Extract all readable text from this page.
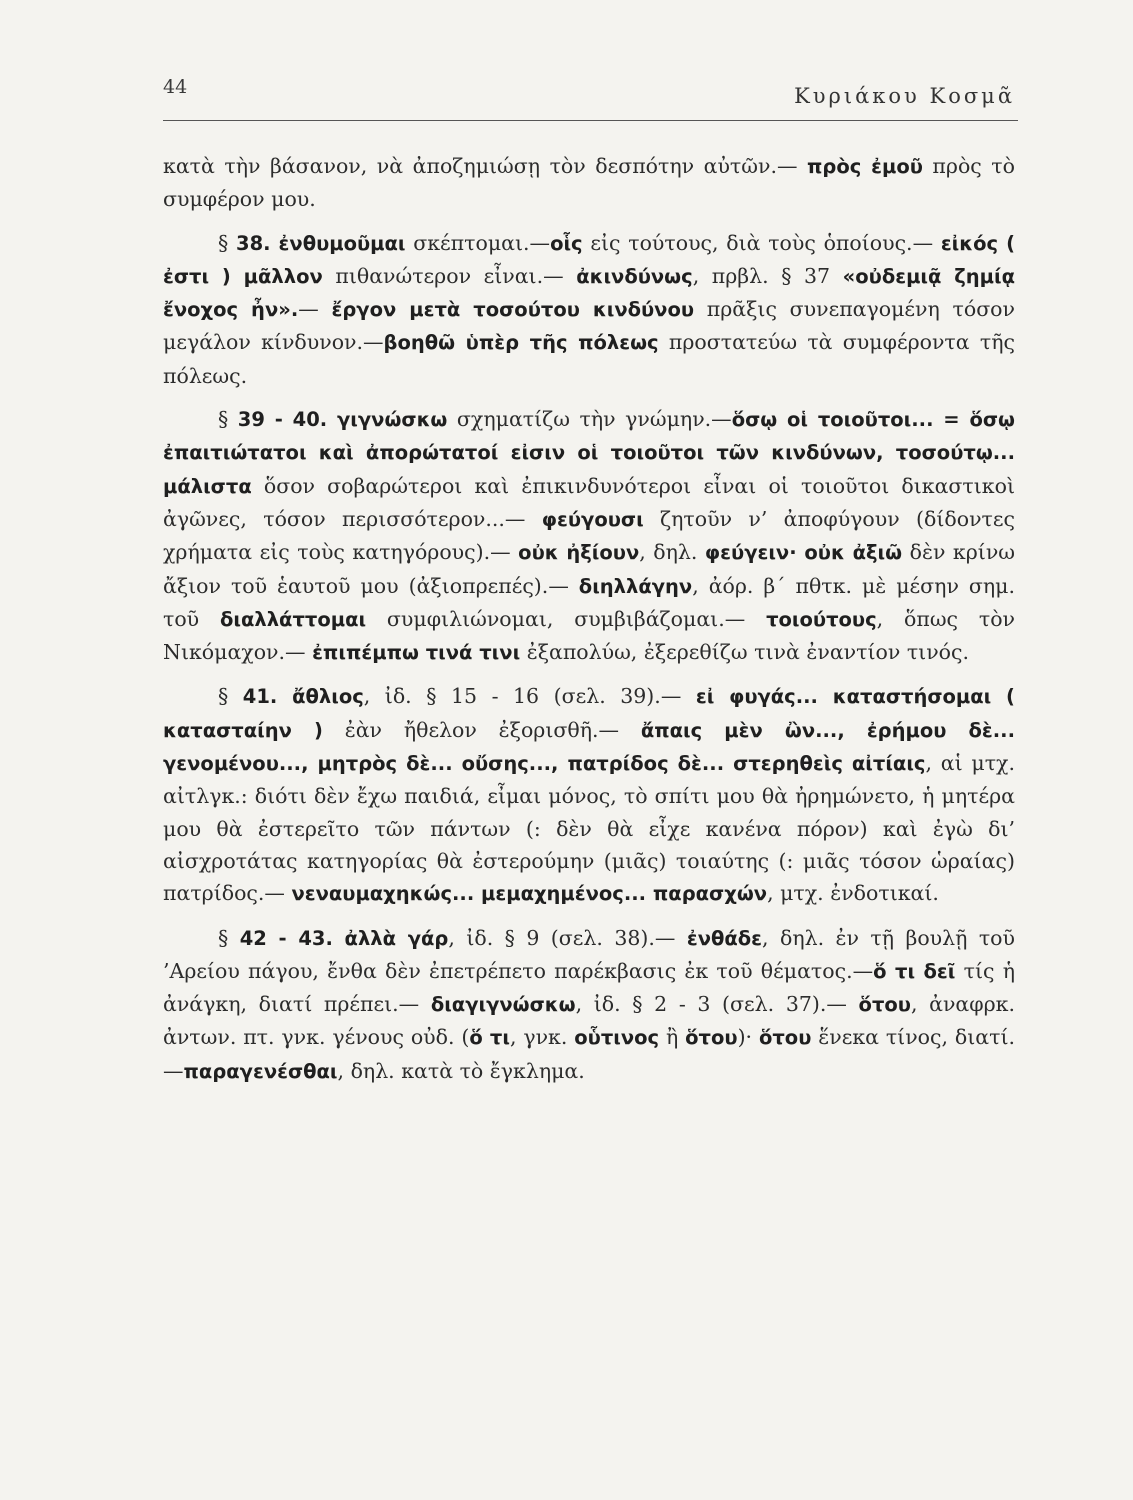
44	Κυριάκου Κοσμᾶ

κατὰ τὴν βάσανον, νὰ ἀποζημιώσῃ τὸν δεσπότην αὐτῶν.— πρὸς ἐμοῦ πρὸς τὸ συμφέρον μου.

§ 38. ἐνθυμοῦμαι σκέπτομαι.—οἷς εἰς τούτους, διὰ τοὺς ὁποίους.— εἰκός ( ἐστι ) μᾶλλον πιθανώτερον εἶναι.— ἀκινδύνως, πρβλ. § 37 «οὐδεμιᾷ ζημίᾳ ἔνοχος ἦν».— ἔργον μετὰ τοσούτου κινδύνου πρᾶξις συνεπαγομένη τόσον μεγάλον κίνδυνον.—βοηθῶ ὑπὲρ τῆς πόλεως προστατεύω τὰ συμφέροντα τῆς πόλεως.

§ 39 - 40. γιγνώσκω σχηματίζω τὴν γνώμην.—ὅσῳ οἱ τοιοῦτοι... = ὅσῳ ἐπαιτιώτατοι καὶ ἀπορώτατοί εἰσιν οἱ τοιοῦτοι τῶν κινδύνων, τοσούτῳ... μάλιστα ὅσον σοβαρώτεροι καὶ ἐπικινδυνότεροι εἶναι οἱ τοιοῦτοι δικαστικοὶ ἀγῶνες, τόσον περισσότερον...— φεύγουσι ζητοῦν ν’ ἀποφύγουν (δίδοντες χρήματα εἰς τοὺς κατηγόρους).— οὐκ ἠξίουν, δηλ. φεύγειν· οὐκ ἀξιῶ δὲν κρίνω ἄξιον τοῦ ἑαυτοῦ μου (ἀξιοπρεπές).— διηλλάγην, ἀόρ. β΄ πθτκ. μὲ μέσην σημ. τοῦ διαλλάττομαι συμφιλιώνομαι, συμβιβάζομαι.— τοιούτους, ὅπως τὸν Νικόμαχον.— ἐπιπέμπω τινά τινι ἐξαπολύω, ἐξερεθίζω τινὰ ἐναντίον τινός.

§ 41. ἄθλιος, ἰδ. § 15 - 16 (σελ. 39).— εἰ φυγάς... καταστήσομαι ( κατασταίην ) ἐὰν ἤθελον ἐξορισθῆ.— ἄπαις μὲν ὢν..., ἐρήμου δὲ... γενομένου..., μητρὸς δὲ... οὔσης..., πατρίδος δὲ... στερηθεὶς αἰτίαις, αἱ μτχ. αἰτλγκ.: διότι δὲν ἔχω παιδιά, εἶμαι μόνος, τὸ σπίτι μου θὰ ἠρημώνετο, ἡ μητέρα μου θὰ ἐστερεῖτο τῶν πάντων (: δὲν θὰ εἶχε κανένα πόρον) καὶ ἐγὼ δι’ αἰσχροτάτας κατηγορίας θὰ ἐστερούμην (μιᾶς) τοιαύτης (: μιᾶς τόσον ὡραίας) πατρίδος.— νεναυμαχηκώς... μεμαχημένος... παρασχών, μτχ. ἐνδοτικαί.

§ 42 - 43. ἀλλὰ γάρ, ἰδ. § 9 (σελ. 38).— ἐνθάδε, δηλ. ἐν τῇ βουλῇ τοῦ ’Αρείου πάγου, ἔνθα δὲν ἐπετρέπετο παρέκβασις ἐκ τοῦ θέματος.—ὅ τι δεῖ τίς ἡ ἀνάγκη, διατί πρέπει.— διαγιγνώσκω, ἰδ. § 2 - 3 (σελ. 37).— ὅτου, ἀναφρκ. ἀντων. πτ. γνκ. γένους οὐδ. (ὅ τι, γνκ. οὗτινος ἢ ὅτου)· ὅτου ἕνεκα τίνος, διατί.—παραγενέσθαι, δηλ. κατὰ τὸ ἔγκλημα.
